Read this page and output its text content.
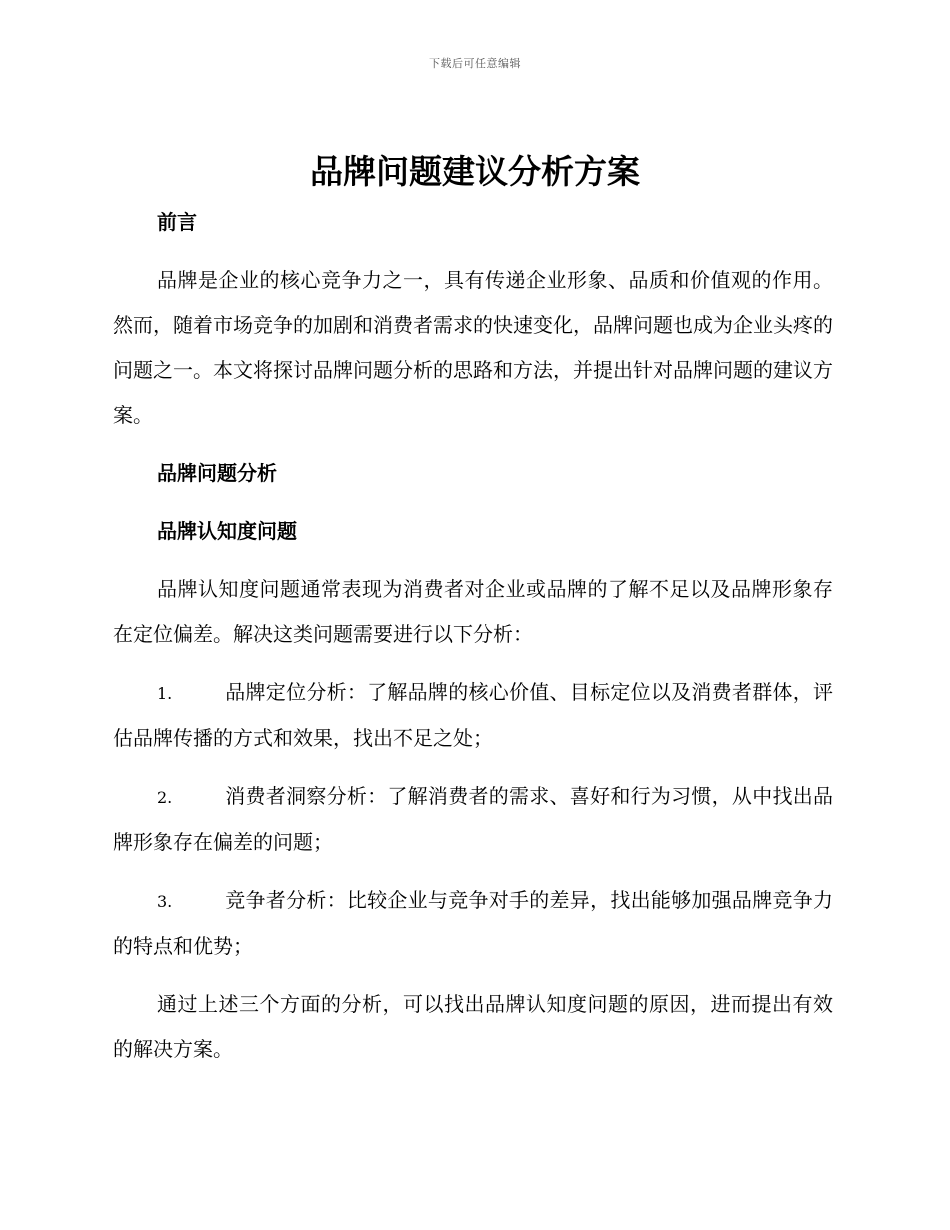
下载后可任意编辑
品牌问题建议分析方案

前言

品牌是企业的核心竞争力之一，具有传递企业形象、品质和价值观的作用。然而，随着市场竞争的加剧和消费者需求的快速变化，品牌问题也成为企业头疼的问题之一。本文将探讨品牌问题分析的思路和方法，并提出针对品牌问题的建议方案。

品牌问题分析

品牌认知度问题

品牌认知度问题通常表现为消费者对企业或品牌的了解不足以及品牌形象存在定位偏差。解决这类问题需要进行以下分析：

1.	品牌定位分析：了解品牌的核心价值、目标定位以及消费者群体，评估品牌传播的方式和效果，找出不足之处；

2.	消费者洞察分析：了解消费者的需求、喜好和行为习惯，从中找出品牌形象存在偏差的问题；

3.	竞争者分析：比较企业与竞争对手的差异，找出能够加强品牌竞争力的特点和优势；

通过上述三个方面的分析，可以找出品牌认知度问题的原因，进而提出有效的解决方案。
